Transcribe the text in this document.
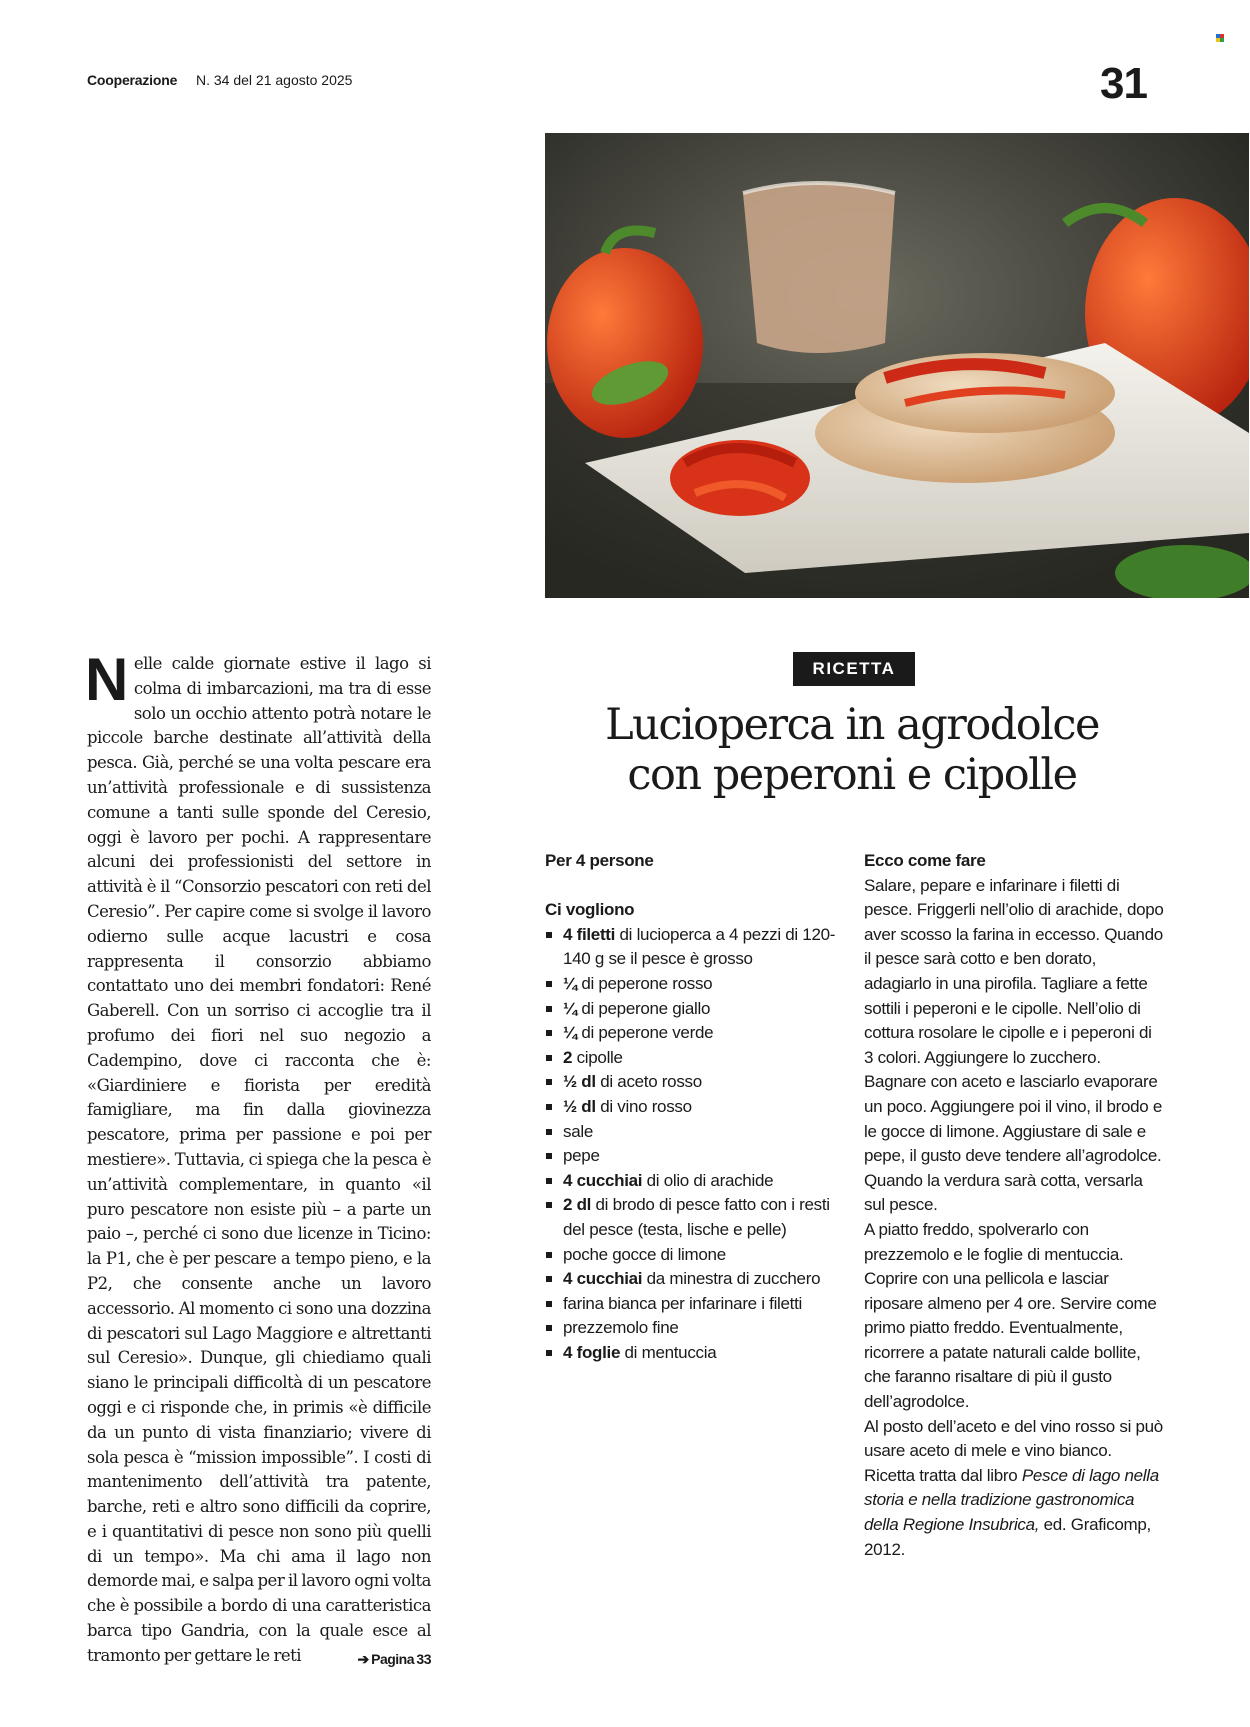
Cooperazione N. 34 del 21 agosto 2025	31

Nelle calde giornate estive il lago si colma di imbarcazioni, ma tra di esse solo un occhio attento potrà notare le piccole barche destinate all’attività della pesca. Già, perché se una volta pescare era un’attività professionale e di sussistenza comune a tanti sulle sponde del Ceresio, oggi è lavoro per pochi. A rappresentare alcuni dei professionisti del settore in attività è il “Consorzio pescatori con reti del Ceresio”. Per capire come si svolge il lavoro odierno sulle acque lacustri e cosa rappresenta il consorzio abbiamo contattato uno dei membri fondatori: René Gaberell. Con un sorriso ci accoglie tra il profumo dei fiori nel suo negozio a Cadempino, dove ci racconta che è: «Giardiniere e fiorista per eredità famigliare, ma fin dalla giovinezza pescatore, prima per passione e poi per mestiere». Tuttavia, ci spiega che la pesca è un’attività complementare, in quanto «il puro pescatore non esiste più – a parte un paio –, perché ci sono due licenze in Ticino: la P1, che è per pescare a tempo pieno, e la P2, che consente anche un lavoro accessorio. Al momento ci sono una dozzina di pescatori sul Lago Maggiore e altrettanti sul Ceresio». Dunque, gli chiediamo quali siano le principali difficoltà di un pescatore oggi e ci risponde che, in primis «è difficile da un punto di vista finanziario; vivere di sola pesca è “mission impossible”. I costi di mantenimento dell’attività tra patente, barche, reti e altro sono difficili da coprire, e i quantitativi di pesce non sono più quelli di un tempo». Ma chi ama il lago non demorde mai, e salpa per il lavoro ogni volta che è possibile a bordo di una caratteristica barca tipo Gandria, con la quale esce al tramonto per gettare le reti	➔ Pagina 33

RICETTA
Lucioperca in agrodolce
con peperoni e cipolle

Per 4 persone

Ci vogliono

4 filetti di lucioperca a 4 pezzi di 120-140 g se il pesce è grosso
¼ di peperone rosso
¼ di peperone giallo
¼ di peperone verde
2 cipolle
½ dl di aceto rosso
½ dl di vino rosso
sale
pepe
4 cucchiai di olio di arachide
2 dl di brodo di pesce fatto con i resti del pesce (testa, lische e pelle)
poche gocce di limone
4 cucchiai da minestra di zucchero
farina bianca per infarinare i filetti
prezzemolo fine
4 foglie di mentuccia

Ecco come fare

Salare, pepare e infarinare i filetti di pesce. Friggerli nell’olio di arachide, dopo aver scosso la farina in eccesso. Quando il pesce sarà cotto e ben dorato, adagiarlo in una pirofila. Tagliare a fette sottili i peperoni e le cipolle. Nell’olio di cottura rosolare le cipolle e i peperoni di 3 colori. Aggiungere lo zucchero. Bagnare con aceto e lasciarlo evaporare un poco. Aggiungere poi il vino, il brodo e le gocce di limone. Aggiustare di sale e pepe, il gusto deve tendere all’agrodolce. Quando la verdura sarà cotta, versarla sul pesce.

A piatto freddo, spolverarlo con prezzemolo e le foglie di mentuccia. Coprire con una pellicola e lasciar riposare almeno per 4 ore. Servire come primo piatto freddo. Eventualmente, ricorrere a patate naturali calde bollite, che faranno risaltare di più il gusto dell’agrodolce.

Al posto dell’aceto e del vino rosso si può usare aceto di mele e vino bianco. Ricetta tratta dal libro Pesce di lago nella storia e nella tradizione gastronomica della Regione Insubrica, ed. Graficomp, 2012.
